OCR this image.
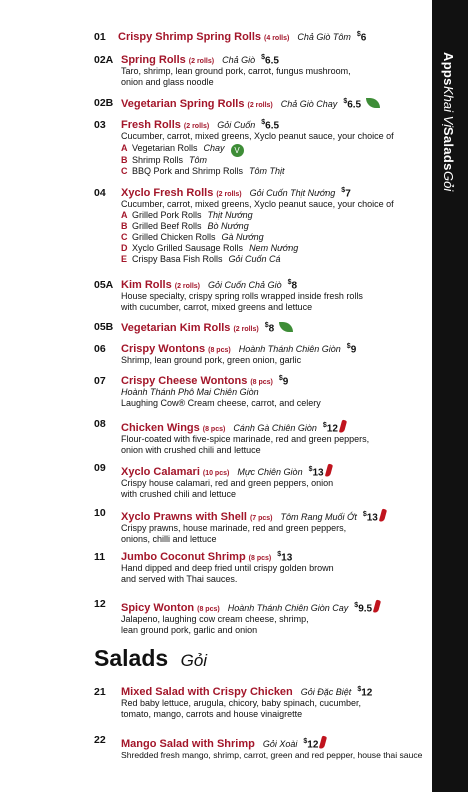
01 Crispy Shrimp Spring Rolls (4 rolls) Chả Giò Tôm $6
02A Spring Rolls (2 rolls) Chả Giò $6.5
Taro, shrimp, lean ground pork, carrot, fungus mushroom,
onion and glass noodle
02B Vegetarian Spring Rolls (2 rolls) Chả Giò Chay $6.5
03 Fresh Rolls (2 rolls) Gỏi Cuốn $6.5
Cucumber, carrot, mixed greens, Xyclo peanut sauce, your choice of
A Vegetarian Rolls Chay V
B Shrimp Rolls Tôm
C BBQ Pork and Shrimp Rolls Tôm Thịt
04 Xyclo Fresh Rolls (2 rolls) Gỏi Cuốn Thịt Nướng $7
Cucumber, carrot, mixed greens, Xyclo peanut sauce, your choice of
A Grilled Pork Rolls Thịt Nướng
B Grilled Beef Rolls Bò Nướng
C Grilled Chicken Rolls Gà Nướng
D Xyclo Grilled Sausage Rolls Nem Nướng
E Crispy Basa Fish Rolls Gỏi Cuốn Cá
05A Kim Rolls (2 rolls) Gỏi Cuốn Chả Giò $8
House specialty, crispy spring rolls wrapped inside fresh rolls
with cucumber, carrot, mixed greens and lettuce
05B Vegetarian Kim Rolls (2 rolls)
$8
06 Crispy Wontons (8 pcs) Hoành Thánh Chiên Giòn $9
Shrimp, lean ground pork, green onion, garlic
07 Crispy Cheese Wontons (8 pcs)
$9
Hoành Thánh Phô Mai Chiên Giòn
Laughing Cow® Cream cheese, carrot, and celery
08 Chicken Wings (8 pcs) Cánh Gà Chiên Giòn $12
Flour-coated with five-spice marinade, red and green peppers,
onion with crushed chili and lettuce
09 Xyclo Calamari (10 pcs) Mực Chiên Giòn $13
Crispy house calamari, red and green peppers, onion
with crushed chili and lettuce
10 Xyclo Prawns with Shell (7 pcs) Tôm Rang Muối Ớt $13
Crispy prawns, house marinade, red and green peppers,
onions, chilli and lettuce
11 Jumbo Coconut Shrimp (8 pcs)
$13
Hand dipped and deep fried until crispy golden brown
and served with Thai sauces.
12 Spicy Wonton (8 pcs) Hoành Thánh Chiên Giòn Cay $9.5
Jalapeno, laughing cow cream cheese, shrimp,
lean ground pork, garlic and onion
Salads Gỏi
21 Mixed Salad with Crispy Chicken Gỏi Đặc Biệt $12
Red baby lettuce, arugula, chicory, baby spinach, cucumber,
tomato, mango, carrots and house vinaigrette
22 Mango Salad with Shrimp Gỏi Xoài $12
Shredded fresh mango, shrimp, carrot, green and red pepper, house thai sauce
AppsKhai VịSaladsGỏi
